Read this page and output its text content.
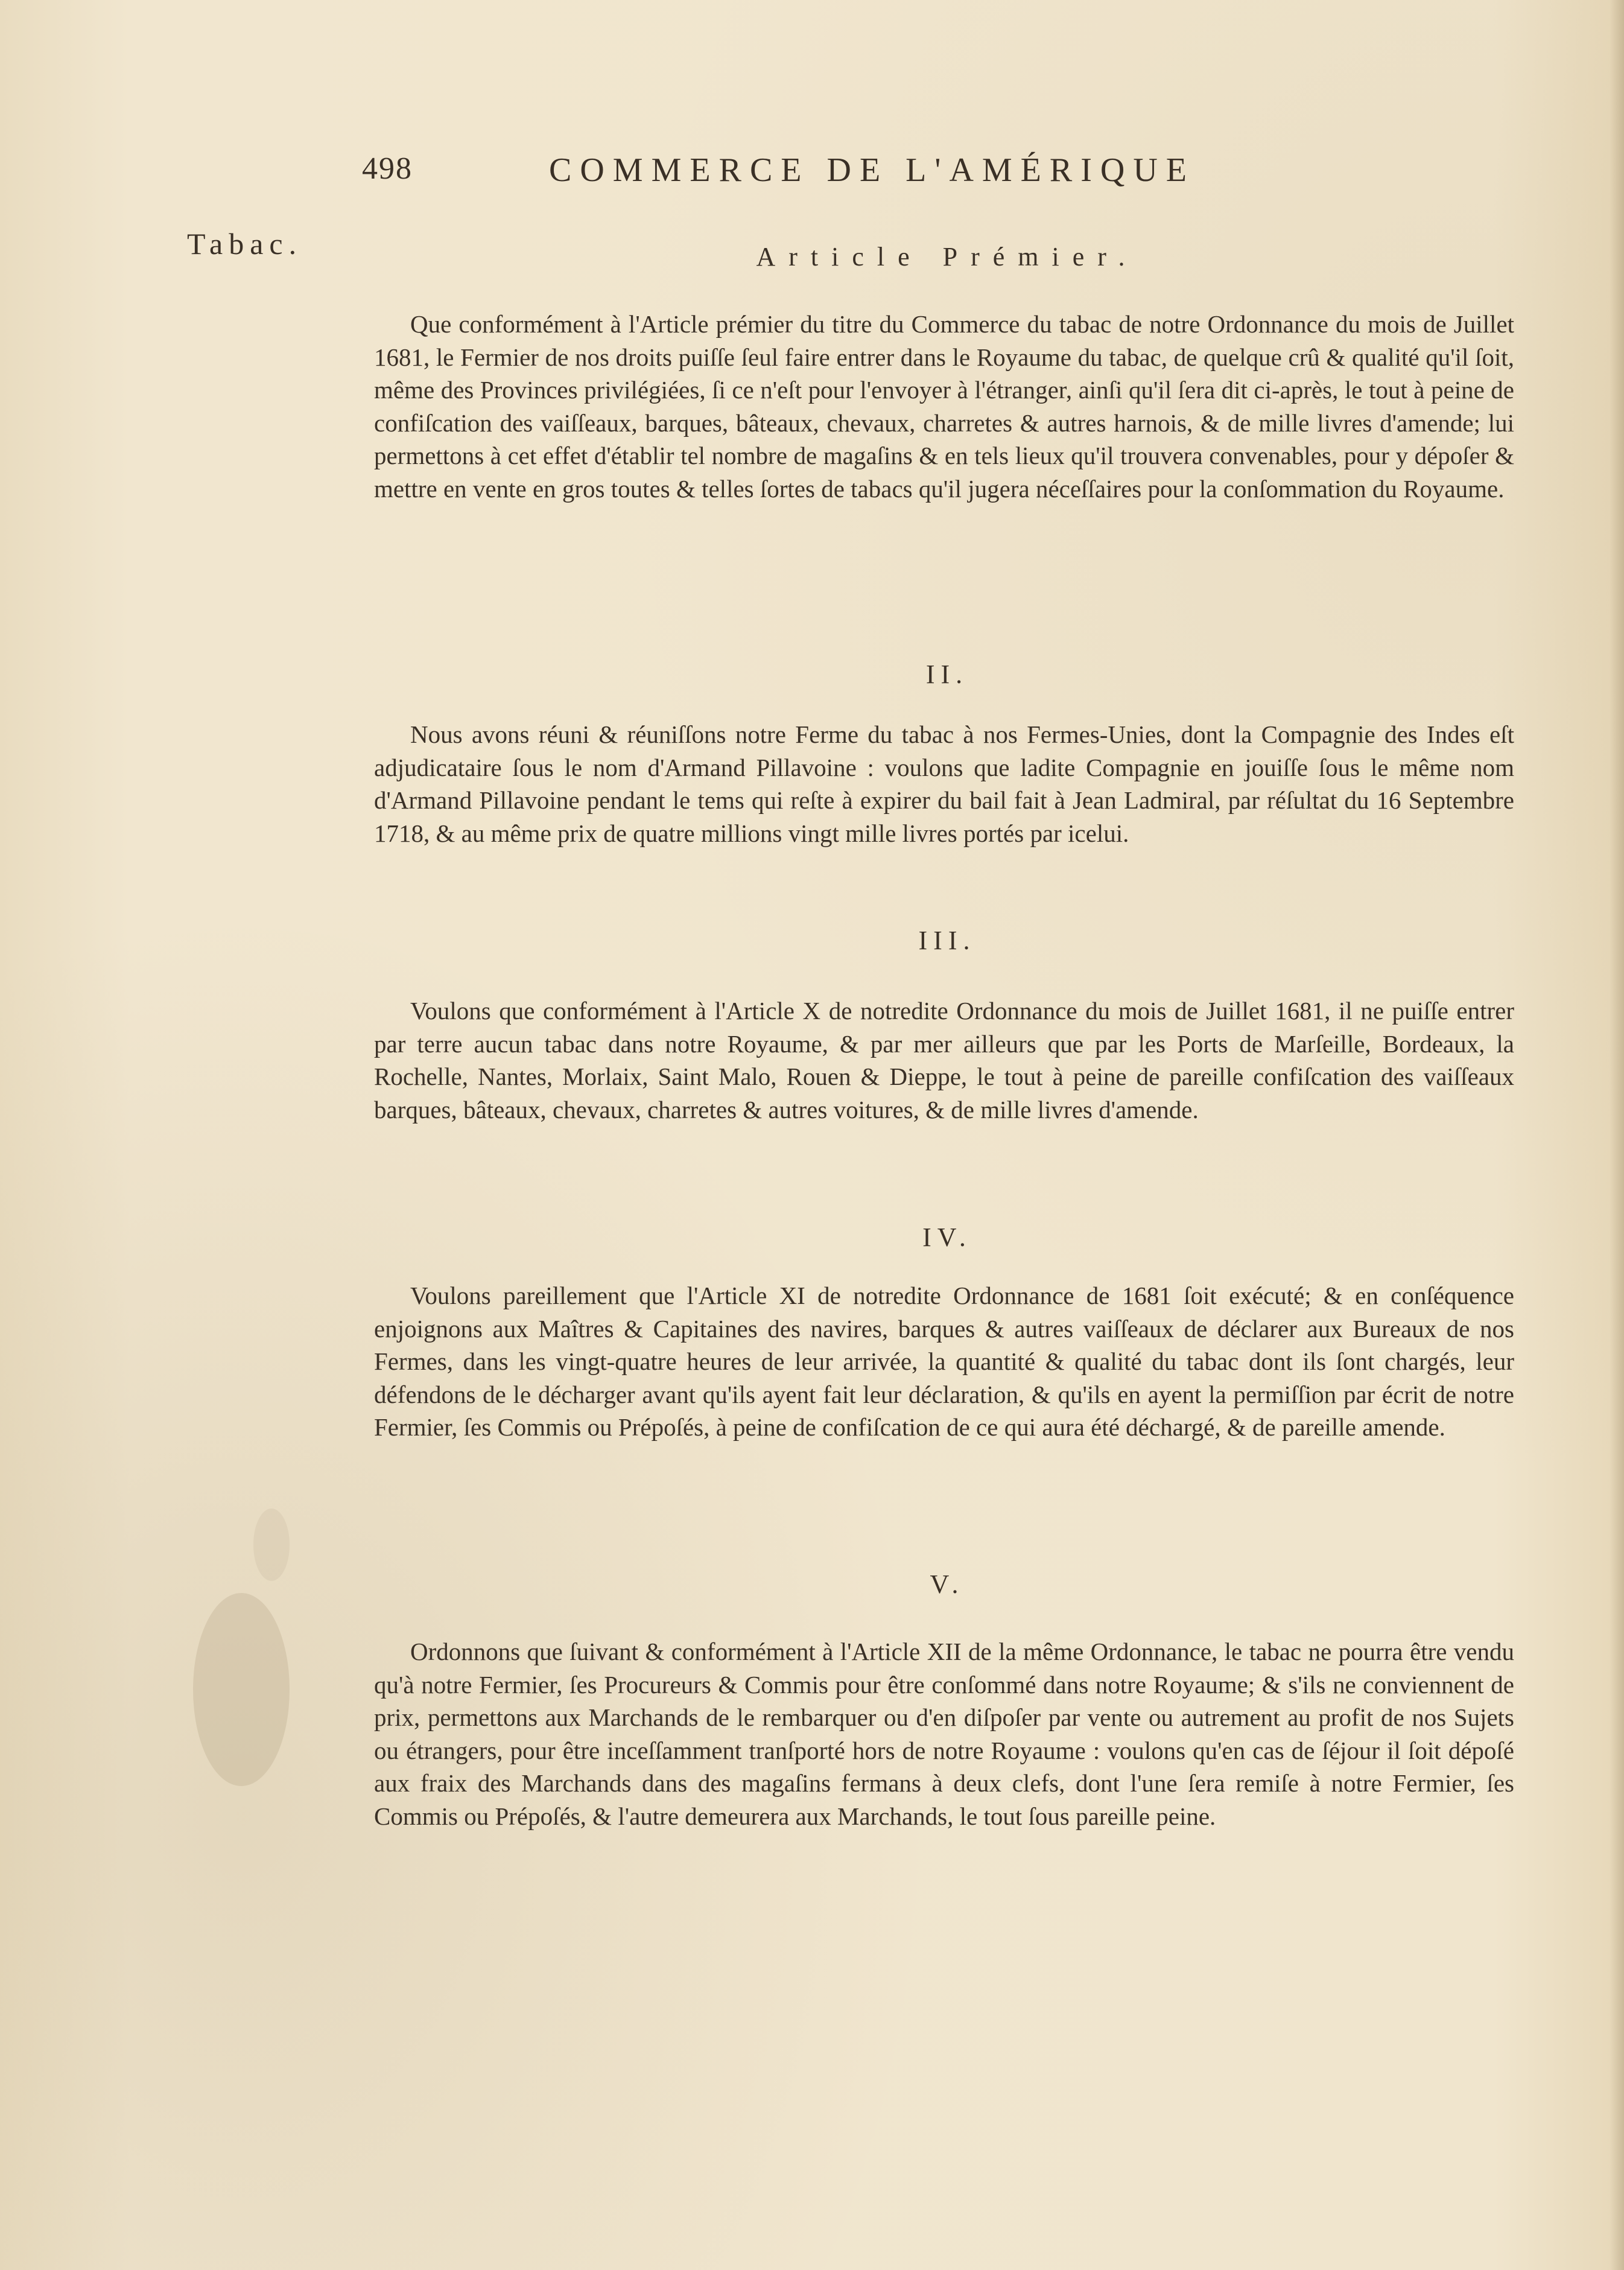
498	COMMERCE DE L'AMÉRIQUE
Tabac.	Article Prémier.

Que conformément à l'Article prémier du titre du Commerce du tabac de notre Ordonnance du mois de Juillet 1681, le Fermier de nos droits puiſſe ſeul faire entrer dans le Royaume du tabac, de quelque crû & qualité qu'il ſoit, même des Provinces privilégiées, ſi ce n'eſt pour l'envoyer à l'étranger, ainſi qu'il ſera dit ci-après, le tout à peine de confiſcation des vaiſſeaux, barques, bâteaux, chevaux, charretes & autres harnois, & de mille livres d'amende; lui permettons à cet effet d'établir tel nombre de magaſins & en tels lieux qu'il trouvera convenables, pour y dépoſer & mettre en vente en gros toutes & telles ſortes de tabacs qu'il jugera néceſſaires pour la conſommation du Royaume.

II.

Nous avons réuni & réuniſſons notre Ferme du tabac à nos Fermes-Unies, dont la Compagnie des Indes eſt adjudicataire ſous le nom d'Armand Pillavoine : voulons que ladite Compagnie en jouiſſe ſous le même nom d'Armand Pillavoine pendant le tems qui reſte à expirer du bail fait à Jean Ladmiral, par réſultat du 16 Septembre 1718, & au même prix de quatre millions vingt mille livres portés par icelui.

III.

Voulons que conformément à l'Article X de notredite Ordonnance du mois de Juillet 1681, il ne puiſſe entrer par terre aucun tabac dans notre Royaume, & par mer ailleurs que par les Ports de Marſeille, Bordeaux, la Rochelle, Nantes, Morlaix, Saint Malo, Rouen & Dieppe, le tout à peine de pareille confiſcation des vaiſſeaux barques, bâteaux, chevaux, charretes & autres voitures, & de mille livres d'amende.

IV.

Voulons pareillement que l'Article XI de notredite Ordonnance de 1681 ſoit exécuté; & en conſéquence enjoignons aux Maîtres & Capitaines des navires, barques & autres vaiſſeaux de déclarer aux Bureaux de nos Fermes, dans les vingt-quatre heures de leur arrivée, la quantité & qualité du tabac dont ils ſont chargés, leur défendons de le décharger avant qu'ils ayent fait leur déclaration, & qu'ils en ayent la permiſſion par écrit de notre Fermier, ſes Commis ou Prépoſés, à peine de confiſcation de ce qui aura été déchargé, & de pareille amende.

V.

Ordonnons que ſuivant & conformément à l'Article XII de la même Ordonnance, le tabac ne pourra être vendu qu'à notre Fermier, ſes Procureurs & Commis pour être conſommé dans notre Royaume; & s'ils ne conviennent de prix, permettons aux Marchands de le rembarquer ou d'en diſpoſer par vente ou autrement au profit de nos Sujets ou étrangers, pour être inceſſamment tranſporté hors de notre Royaume : voulons qu'en cas de ſéjour il ſoit dépoſé aux fraix des Marchands dans des magaſins fermans à deux clefs, dont l'une ſera remiſe à notre Fermier, ſes Commis ou Prépoſés, & l'autre demeurera aux Marchands, le tout ſous pareille peine.
